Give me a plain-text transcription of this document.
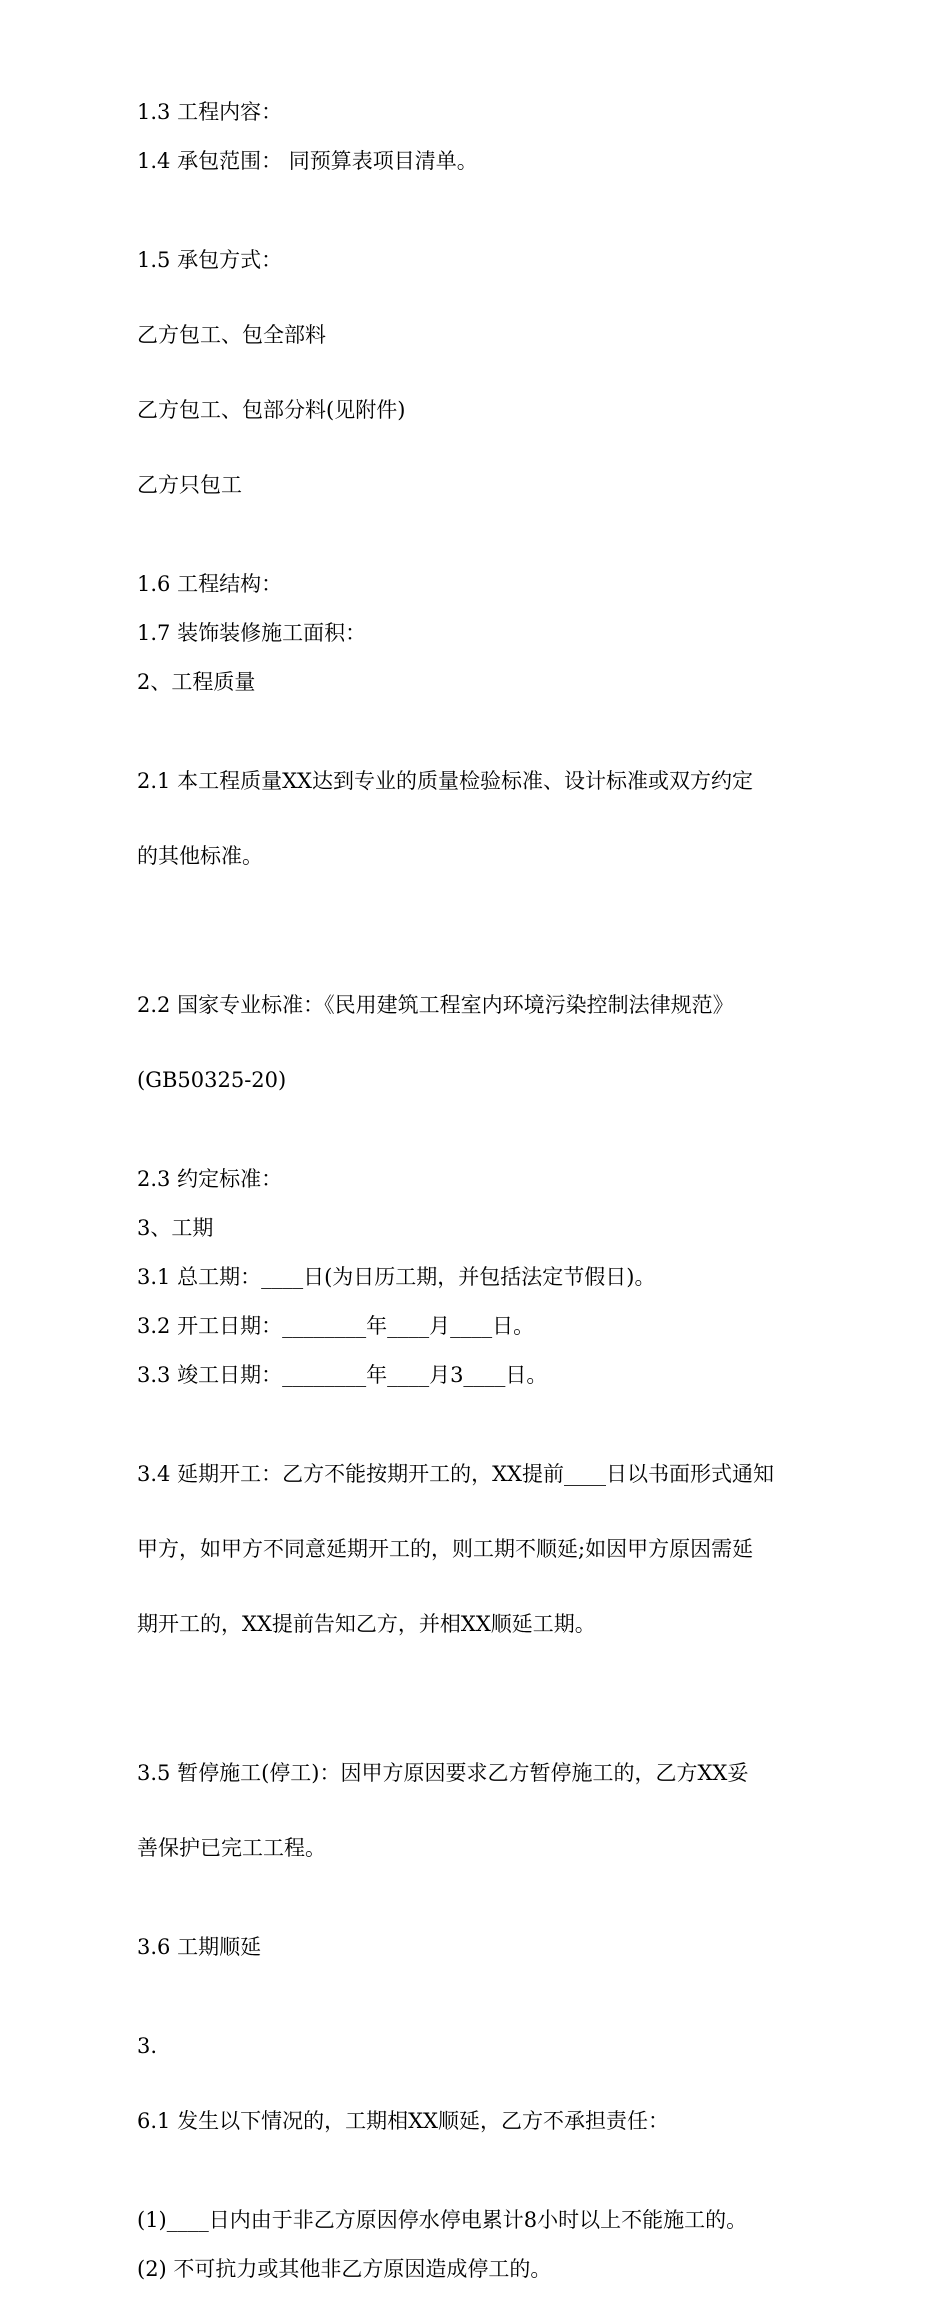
1.3 工程内容：

1.4 承包范围： 同预算表项目清单。

1.5 承包方式：

乙方包工、包全部料

乙方包工、包部分料(见附件)

乙方只包工

1.6 工程结构：

1.7 装饰装修施工面积：

2、工程质量

2.1 本工程质量XX达到专业的质量检验标准、设计标准或双方约定

的其他标准。

2.2 国家专业标准：《民用建筑工程室内环境污染控制法律规范》

(GB50325-20)

2.3 约定标准：

3、工期

3.1 总工期：____日(为日历工期，并包括法定节假日)。

3.2 开工日期：________年____月____日。

3.3 竣工日期：________年____月3____日。

3.4 延期开工：乙方不能按期开工的，XX提前____日以书面形式通知

甲方，如甲方不同意延期开工的，则工期不顺延;如因甲方原因需延

期开工的，XX提前告知乙方，并相XX顺延工期。

3.5 暂停施工(停工)：因甲方原因要求乙方暂停施工的，乙方XX妥

善保护已完工工程。

3.6 工期顺延

3.

6.1 发生以下情况的，工期相XX顺延，乙方不承担责任：

(1)____日内由于非乙方原因停水停电累计8小时以上不能施工的。

(2) 不可抗力或其他非乙方原因造成停工的。
